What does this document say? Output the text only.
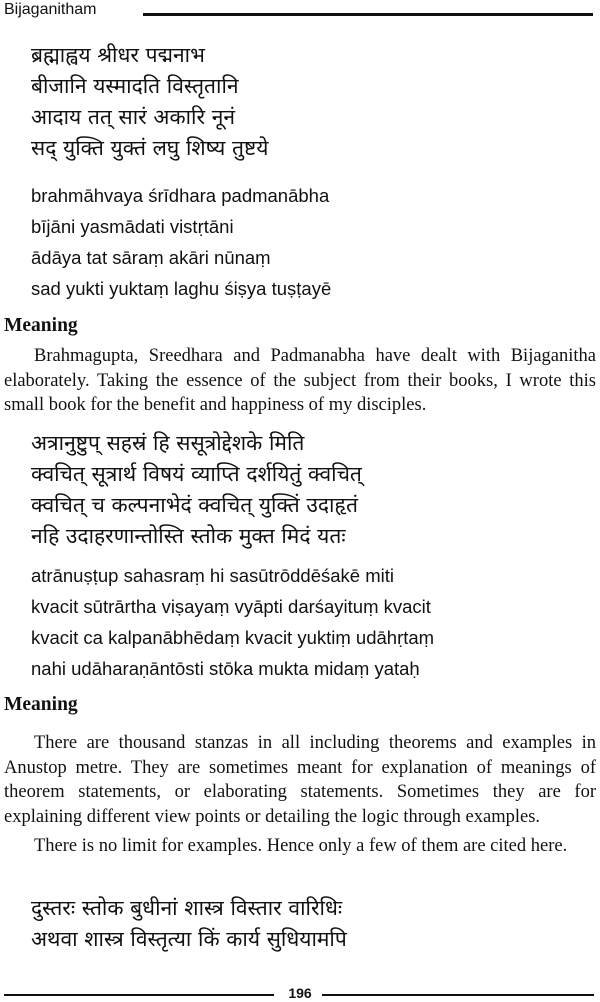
Bijaganitham
ब्रह्माह्वय श्रीधर पद्मनाभ
बीजानि यस्मादति विस्तृतानि
आदाय तत् सारं अकारि नूनं
सद् युक्ति युक्तं लघु शिष्य तुष्टये
brahmāhvaya śrīdhara padmanābha
bījāni yasmādati vistṛtāni
ādāya tat sāraṃ akāri nūnaṃ
sad yukti yuktaṃ laghu śiṣya tuṣṭayē
Meaning
Brahmagupta, Sreedhara and Padmanabha have dealt with Bijaganitha elaborately. Taking the essence of the subject from their books, I wrote this small book for the benefit and happiness of my disciples.
अत्रानुष्टुप् सहस्रं हि ससूत्रोद्देशके मिति
क्वचित् सूत्रार्थ विषयं व्याप्ति दर्शयितुं क्वचित्
क्वचित् च कल्पनाभेदं क्वचित् युक्तिं उदाहृतं
नहि उदाहरणान्तोस्ति स्तोक मुक्त मिदं यतः
atrānuṣṭup sahasraṃ hi sasūtrōddēśakē miti
kvacit sūtrārtha viṣayaṃ vyāpti darśayituṃ kvacit
kvacit ca kalpanābhēdaṃ kvacit yuktiṃ udāhṛtaṃ
nahi udāharaṇāntōsti stōka mukta midaṃ yataḥ
Meaning
There are thousand stanzas in all including theorems and examples in Anustop metre. They are sometimes meant for explanation of meanings of theorem statements, or elaborating statements. Sometimes they are for explaining different view points or detailing the logic through examples.
There is no limit for examples. Hence only a few of them are cited here.
दुस्तरः स्तोक बुधीनां शास्त्र विस्तार वारिधिः
अथवा शास्त्र विस्तृत्या किं कार्य सुधियामपि
196
